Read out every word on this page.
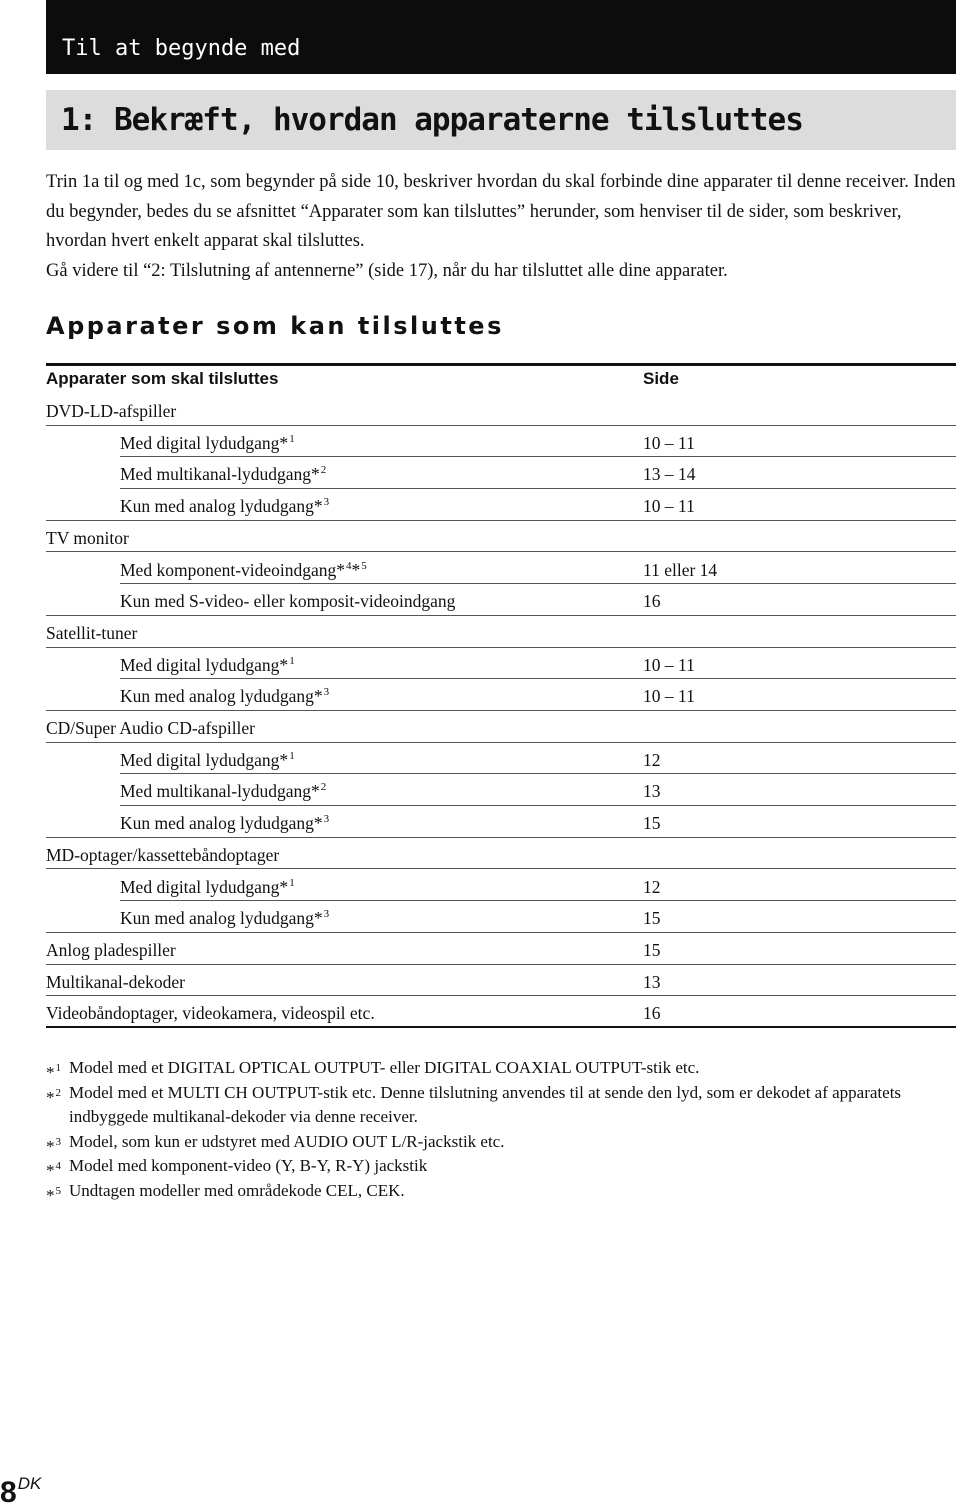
Til at begynde med
1: Bekræft, hvordan apparaterne tilsluttes

Trin 1a til og med 1c, som begynder på side 10, beskriver hvordan du skal forbinde dine apparater til denne receiver. Inden du begynder, bedes du se afsnittet “Apparater som kan tilsluttes” herunder, som henviser til de sider, som beskriver, hvordan hvert enkelt apparat skal tilsluttes.

Gå videre til “2: Tilslutning af antennerne” (side 17), når du har tilsluttet alle dine apparater.

Apparater som kan tilsluttes
Apparater som skal tilsluttes	Side
DVD-LD-afspiller
Med digital lydudgang*$^1$	10 – 11
Med multikanal-lydudgang*$^2$	13 – 14
Kun med analog lydudgang*$^3$	10 – 11
TV monitor
Med komponent-videoindgang*$^4$*$^5$	11 eller 14
Kun med S-video- eller komposit-videoindgang	16
Satellit-tuner
Med digital lydudgang*$^1$	10 – 11
Kun med analog lydudgang*$^3$	10 – 11
CD/Super Audio CD-afspiller
Med digital lydudgang*$^1$	12
Med multikanal-lydudgang*$^2$	13
Kun med analog lydudgang*$^3$	15
MD-optager/kassettebåndoptager
Med digital lydudgang*$^1$	12
Kun med analog lydudgang*$^3$	15
Anlog pladespiller	15
Multikanal-dekoder	13
Videobåndoptager, videokamera, videospil etc.	16
*$^1$ Model med et DIGITAL OPTICAL OUTPUT- eller DIGITAL COAXIAL OUTPUT-stik etc.
*$^2$ Model med et MULTI CH OUTPUT-stik etc. Denne tilslutning anvendes til at sende den lyd, som er dekodet af apparatets indbyggede multikanal-dekoder via denne receiver.
*$^3$ Model, som kun er udstyret med AUDIO OUT L/R-jackstik etc.
*$^4$ Model med komponent-video (Y, B-Y, R-Y) jackstik
*$^5$ Undtagen modeller med områdekode CEL, CEK.
$8^{DK}$
